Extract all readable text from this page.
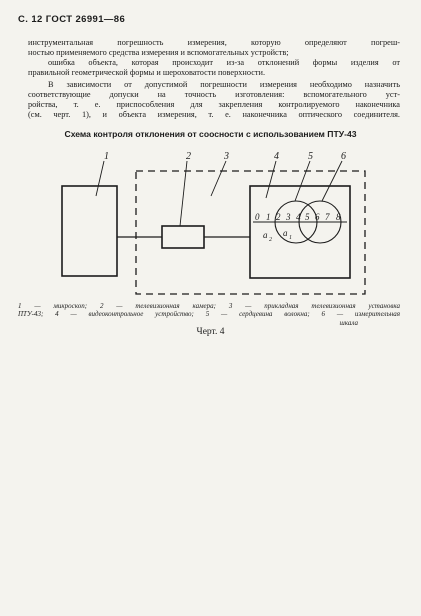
С. 12 ГОСТ 26991—86
инструментальная погрешность измерения, которую определяют погреш-
ностью применяемого средства измерения и вспомогательных устройств;
ошибка объекта, которая происходит из-за отклонений формы изделия от
правильной геометрической формы и шероховатости поверхности.
В зависимости от допустимой погрешности измерения необходимо назначить
соответствующие допуски на точность изготовления: вспомогательного уст-
ройства, т. е. приспособления для закрепления контролируемого наконечника
(см. черт. 1), и объекта измерения, т. е. наконечника оптического соединителя.
Схема контроля отклонения от соосности с использованием ПТУ-43
1	2	3	4	5	6
0 1 2 3 4 5 6 7 8
a 2
a 1
1 — микроскоп; 2 — телевизионная камера; 3 — прикладная телевизионная установка
ПТУ-43; 4 — видеоконтрольное устройство; 5 — сердцевина волокна; 6 — измерительная
шкала
Черт. 4
